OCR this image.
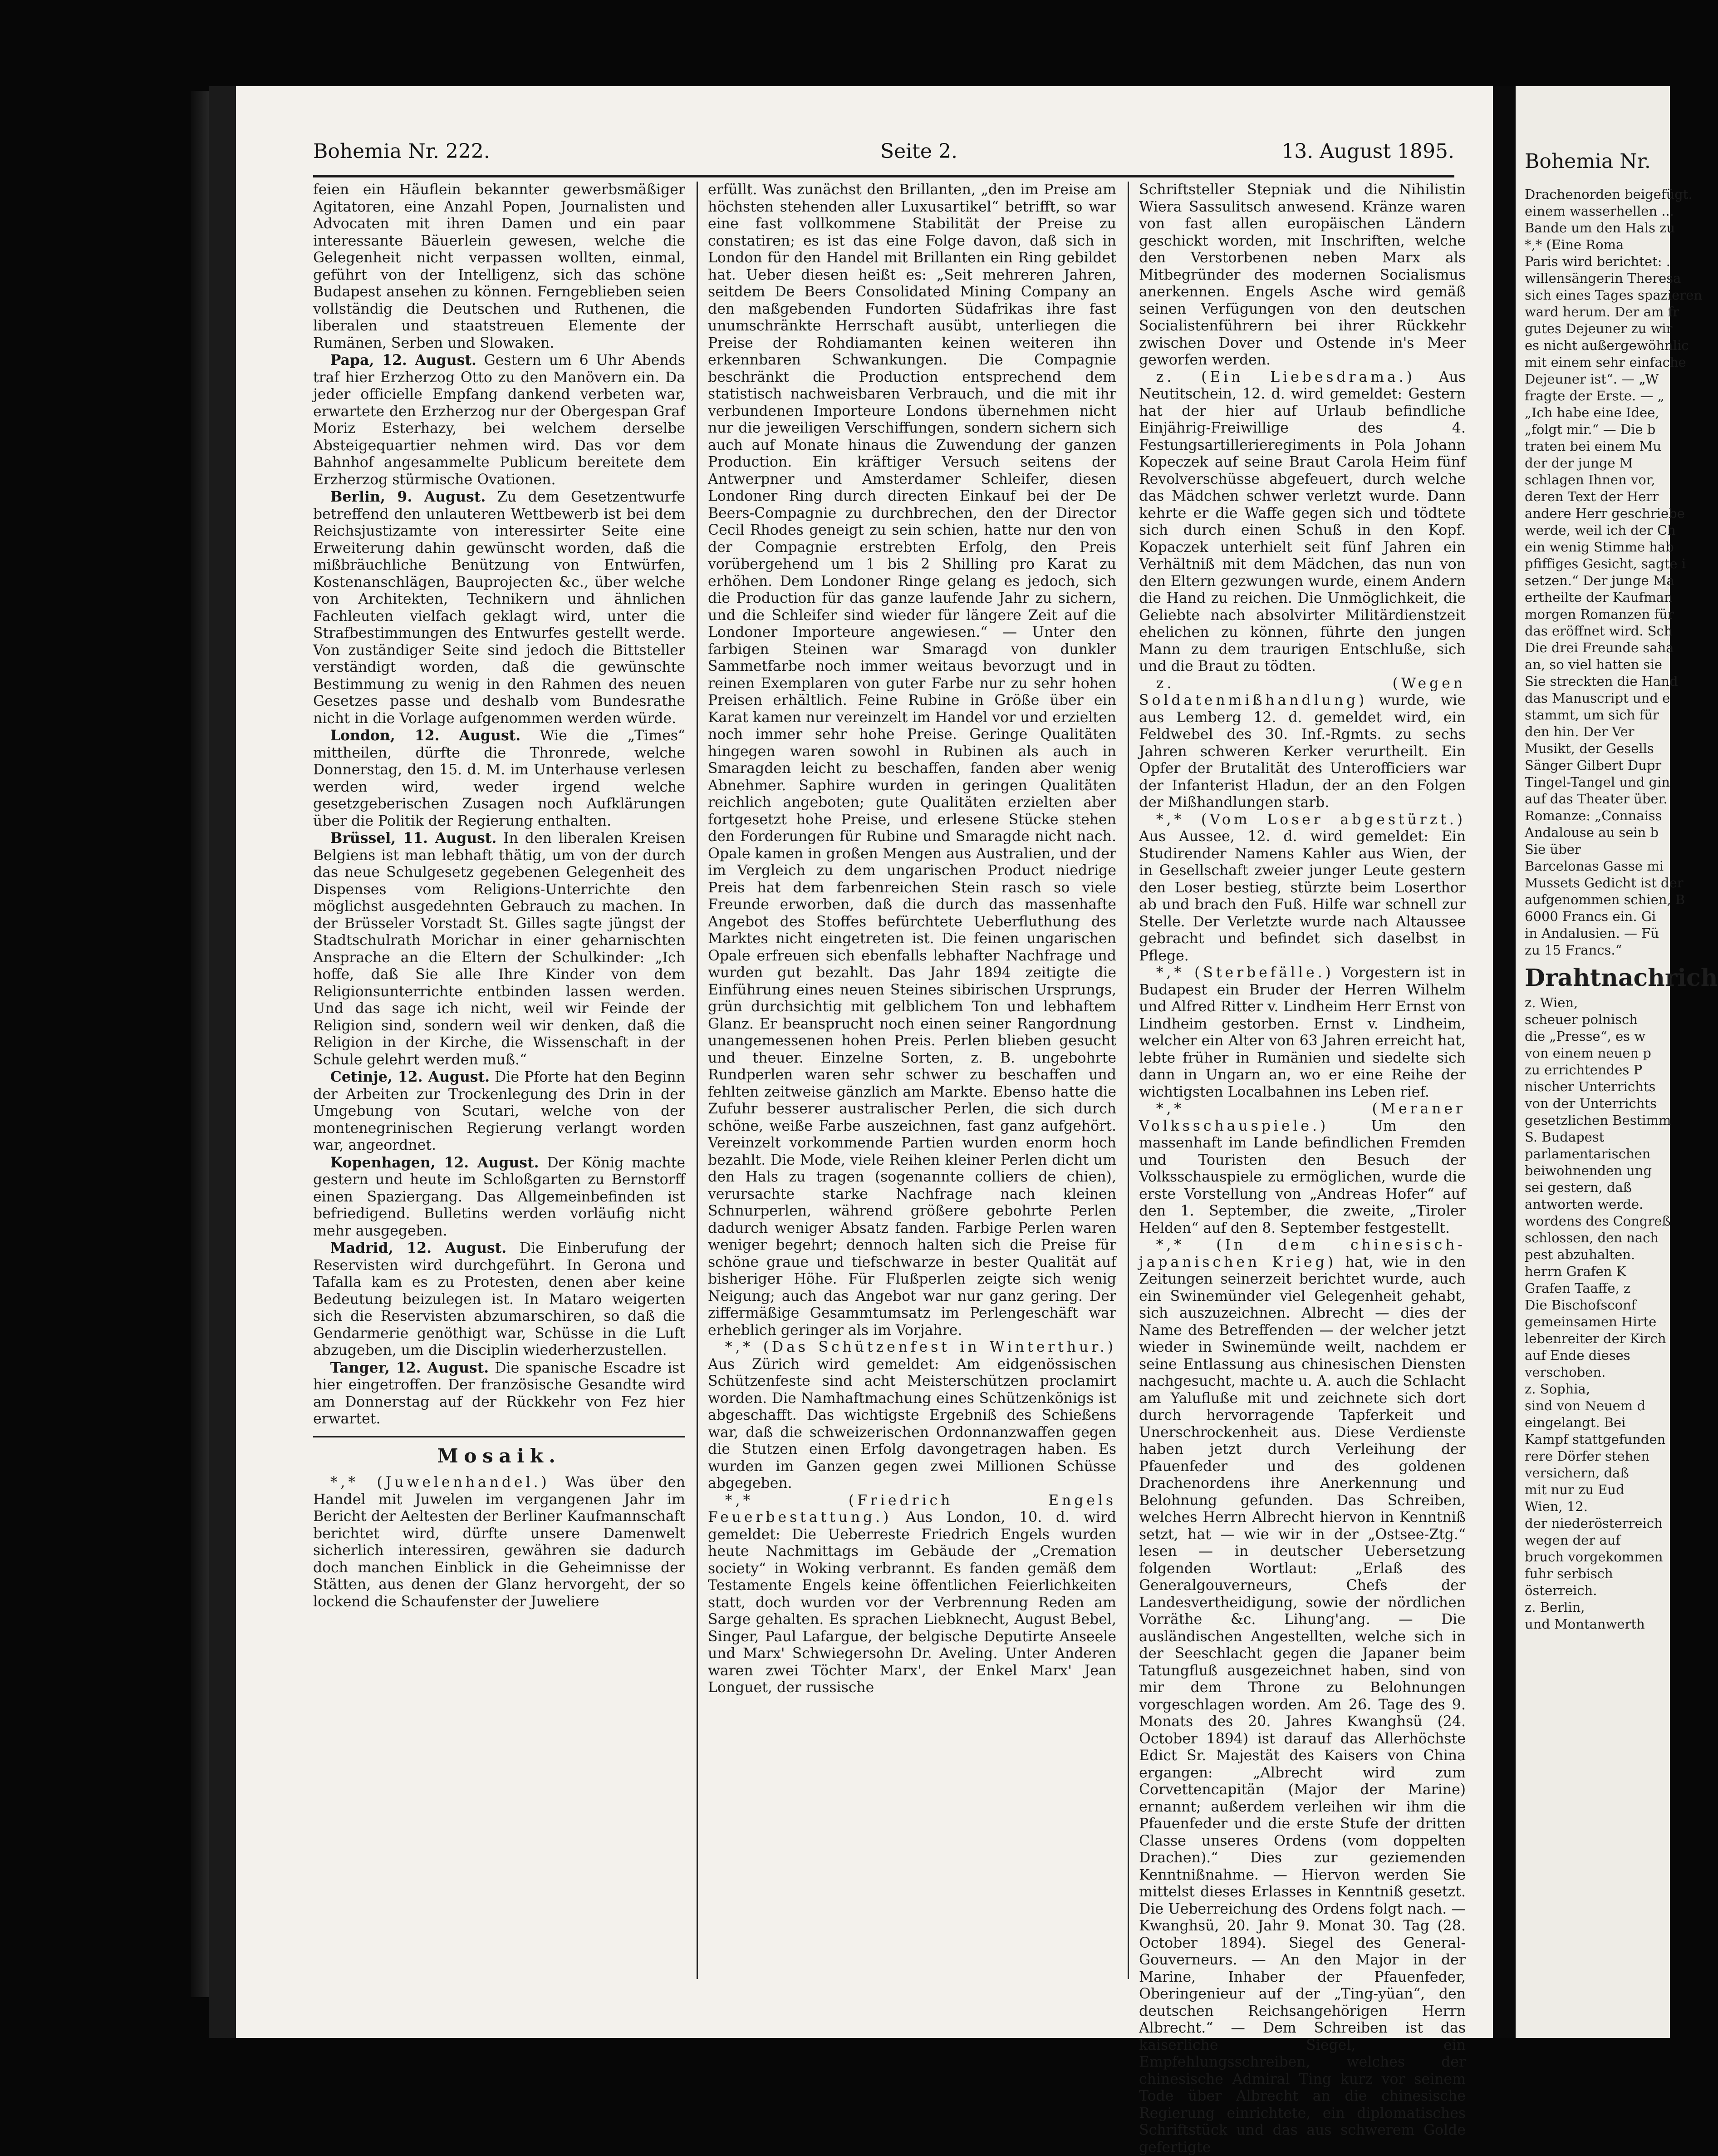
Bohemia Nr. 222.	Seite 2.	13. August 1895.

feien ein Häuflein bekannter gewerbsmäßiger Agitatoren, eine Anzahl Popen, Journalisten und Advocaten mit ihren Damen und ein paar interessante Bäuerlein gewesen, welche die Gelegenheit nicht verpassen wollten, einmal, geführt von der Intelligenz, sich das schöne Budapest ansehen zu können. Ferngeblieben seien vollständig die Deutschen und Ruthenen, die liberalen und staatstreuen Elemente der Rumänen, Serben und Slowaken.

Papa, 12. August. Gestern um 6 Uhr Abends traf hier Erzherzog Otto zu den Manövern ein. Da jeder officielle Empfang dankend verbeten war, erwartete den Erzherzog nur der Obergespan Graf Moriz Esterhazy, bei welchem derselbe Absteigequartier nehmen wird. Das vor dem Bahnhof angesammelte Publicum bereitete dem Erzherzog stürmische Ovationen.

Berlin, 9. August. Zu dem Gesetzentwurfe betreffend den unlauteren Wettbewerb ist bei dem Reichsjustizamte von interessirter Seite eine Erweiterung dahin gewünscht worden, daß die mißbräuchliche Benützung von Entwürfen, Kostenanschlägen, Bauprojecten &c., über welche von Architekten, Technikern und ähnlichen Fachleuten vielfach geklagt wird, unter die Strafbestimmungen des Entwurfes gestellt werde. Von zuständiger Seite sind jedoch die Bittsteller verständigt worden, daß die gewünschte Bestimmung zu wenig in den Rahmen des neuen Gesetzes passe und deshalb vom Bundesrathe nicht in die Vorlage aufgenommen werden würde.

London, 12. August. Wie die „Times“ mittheilen, dürfte die Thronrede, welche Donnerstag, den 15. d. M. im Unterhause verlesen werden wird, weder irgend welche gesetzgeberischen Zusagen noch Aufklärungen über die Politik der Regierung enthalten.

Brüssel, 11. August. In den liberalen Kreisen Belgiens ist man lebhaft thätig, um von der durch das neue Schulgesetz gegebenen Gelegenheit des Dispenses vom Religions-Unterrichte den möglichst ausgedehnten Gebrauch zu machen. In der Brüsseler Vorstadt St. Gilles sagte jüngst der Stadtschulrath Morichar in einer geharnischten Ansprache an die Eltern der Schulkinder: „Ich hoffe, daß Sie alle Ihre Kinder von dem Religionsunterrichte entbinden lassen werden. Und das sage ich nicht, weil wir Feinde der Religion sind, sondern weil wir denken, daß die Religion in der Kirche, die Wissenschaft in der Schule gelehrt werden muß.“

Cetinje, 12. August. Die Pforte hat den Beginn der Arbeiten zur Trockenlegung des Drin in der Umgebung von Scutari, welche von der montenegrinischen Regierung verlangt worden war, angeordnet.

Kopenhagen, 12. August. Der König machte gestern und heute im Schloßgarten zu Bernstorff einen Spaziergang. Das Allgemeinbefinden ist befriedigend. Bulletins werden vorläufig nicht mehr ausgegeben.

Madrid, 12. August. Die Einberufung der Reservisten wird durchgeführt. In Gerona und Tafalla kam es zu Protesten, denen aber keine Bedeutung beizulegen ist. In Mataro weigerten sich die Reservisten abzumarschiren, so daß die Gendarmerie genöthigt war, Schüsse in die Luft abzugeben, um die Disciplin wiederherzustellen.

Tanger, 12. August. Die spanische Escadre ist hier eingetroffen. Der französische Gesandte wird am Donnerstag auf der Rückkehr von Fez hier erwartet.

Mosaik.

*,* (Juwelenhandel.) Was über den Handel mit Juwelen im vergangenen Jahr im Bericht der Aeltesten der Berliner Kaufmannschaft berichtet wird, dürfte unsere Damenwelt sicherlich interessiren, gewähren sie dadurch doch manchen Einblick in die Geheimnisse der Stätten, aus denen der Glanz hervorgeht, der so lockend die Schaufenster der Juweliere

erfüllt. Was zunächst den Brillanten, „den im Preise am höchsten stehenden aller Luxusartikel“ betrifft, so war eine fast vollkommene Stabilität der Preise zu constatiren; es ist das eine Folge davon, daß sich in London für den Handel mit Brillanten ein Ring gebildet hat. Ueber diesen heißt es: „Seit mehreren Jahren, seitdem De Beers Consolidated Mining Company an den maßgebenden Fundorten Südafrikas ihre fast unumschränkte Herrschaft ausübt, unterliegen die Preise der Rohdiamanten keinen weiteren ihn erkennbaren Schwankungen. Die Compagnie beschränkt die Production entsprechend dem statistisch nachweisbaren Verbrauch, und die mit ihr verbundenen Importeure Londons übernehmen nicht nur die jeweiligen Verschiffungen, sondern sichern sich auch auf Monate hinaus die Zuwendung der ganzen Production. Ein kräftiger Versuch seitens der Antwerpner und Amsterdamer Schleifer, diesen Londoner Ring durch directen Einkauf bei der De Beers-Compagnie zu durchbrechen, den der Director Cecil Rhodes geneigt zu sein schien, hatte nur den von der Compagnie erstrebten Erfolg, den Preis vorübergehend um 1 bis 2 Shilling pro Karat zu erhöhen. Dem Londoner Ringe gelang es jedoch, sich die Production für das ganze laufende Jahr zu sichern, und die Schleifer sind wieder für längere Zeit auf die Londoner Importeure angewiesen.“ — Unter den farbigen Steinen war Smaragd von dunkler Sammetfarbe noch immer weitaus bevorzugt und in reinen Exemplaren von guter Farbe nur zu sehr hohen Preisen erhältlich. Feine Rubine in Größe über ein Karat kamen nur vereinzelt im Handel vor und erzielten noch immer sehr hohe Preise. Geringe Qualitäten hingegen waren sowohl in Rubinen als auch in Smaragden leicht zu beschaffen, fanden aber wenig Abnehmer. Saphire wurden in geringen Qualitäten reichlich angeboten; gute Qualitäten erzielten aber fortgesetzt hohe Preise, und erlesene Stücke stehen den Forderungen für Rubine und Smaragde nicht nach. Opale kamen in großen Mengen aus Australien, und der im Vergleich zu dem ungarischen Product niedrige Preis hat dem farbenreichen Stein rasch so viele Freunde erworben, daß die durch das massenhafte Angebot des Stoffes befürchtete Ueberfluthung des Marktes nicht eingetreten ist. Die feinen ungarischen Opale erfreuen sich ebenfalls lebhafter Nachfrage und wurden gut bezahlt. Das Jahr 1894 zeitigte die Einführung eines neuen Steines sibirischen Ursprungs, grün durchsichtig mit gelblichem Ton und lebhaftem Glanz. Er beansprucht noch einen seiner Rangordnung unangemessenen hohen Preis. Perlen blieben gesucht und theuer. Einzelne Sorten, z. B. ungebohrte Rundperlen waren sehr schwer zu beschaffen und fehlten zeitweise gänzlich am Markte. Ebenso hatte die Zufuhr besserer australischer Perlen, die sich durch schöne, weiße Farbe auszeichnen, fast ganz aufgehört. Vereinzelt vorkommende Partien wurden enorm hoch bezahlt. Die Mode, viele Reihen kleiner Perlen dicht um den Hals zu tragen (sogenannte colliers de chien), verursachte starke Nachfrage nach kleinen Schnurperlen, während größere gebohrte Perlen dadurch weniger Absatz fanden. Farbige Perlen waren weniger begehrt; dennoch halten sich die Preise für schöne graue und tiefschwarze in bester Qualität auf bisheriger Höhe. Für Flußperlen zeigte sich wenig Neigung; auch das Angebot war nur ganz gering. Der ziffermäßige Gesammtumsatz im Perlengeschäft war erheblich geringer als im Vorjahre.

*,* (Das Schützenfest in Winterthur.) Aus Zürich wird gemeldet: Am eidgenössischen Schützenfeste sind acht Meisterschützen proclamirt worden. Die Namhaftmachung eines Schützenkönigs ist abgeschafft. Das wichtigste Ergebniß des Schießens war, daß die schweizerischen Ordonnanzwaffen gegen die Stutzen einen Erfolg davongetragen haben. Es wurden im Ganzen gegen zwei Millionen Schüsse abgegeben.

*,* (Friedrich Engels Feuerbestattung.) Aus London, 10. d. wird gemeldet: Die Ueberreste Friedrich Engels wurden heute Nachmittags im Gebäude der „Cremation society“ in Woking verbrannt. Es fanden gemäß dem Testamente Engels keine öffentlichen Feierlichkeiten statt, doch wurden vor der Verbrennung Reden am Sarge gehalten. Es sprachen Liebknecht, August Bebel, Singer, Paul Lafargue, der belgische Deputirte Anseele und Marx' Schwiegersohn Dr. Aveling. Unter Anderen waren zwei Töchter Marx', der Enkel Marx' Jean Longuet, der russische

Schriftsteller Stepniak und die Nihilistin Wiera Sassulitsch anwesend. Kränze waren von fast allen europäischen Ländern geschickt worden, mit Inschriften, welche den Verstorbenen neben Marx als Mitbegründer des modernen Socialismus anerkennen. Engels Asche wird gemäß seinen Verfügungen von den deutschen Socialistenführern bei ihrer Rückkehr zwischen Dover und Ostende in's Meer geworfen werden.

z. (Ein Liebesdrama.) Aus Neutitschein, 12. d. wird gemeldet: Gestern hat der hier auf Urlaub befindliche Einjährig-Freiwillige des 4. Festungsartillerieregiments in Pola Johann Kopeczek auf seine Braut Carola Heim fünf Revolverschüsse abgefeuert, durch welche das Mädchen schwer verletzt wurde. Dann kehrte er die Waffe gegen sich und tödtete sich durch einen Schuß in den Kopf. Kopaczek unterhielt seit fünf Jahren ein Verhältniß mit dem Mädchen, das nun von den Eltern gezwungen wurde, einem Andern die Hand zu reichen. Die Unmöglichkeit, die Geliebte nach absolvirter Militärdienstzeit ehelichen zu können, führte den jungen Mann zu dem traurigen Entschluße, sich und die Braut zu tödten.

z. (Wegen Soldatenmißhandlung) wurde, wie aus Lemberg 12. d. gemeldet wird, ein Feldwebel des 30. Inf.-Rgmts. zu sechs Jahren schweren Kerker verurtheilt. Ein Opfer der Brutalität des Unterofficiers war der Infanterist Hladun, der an den Folgen der Mißhandlungen starb.

*,* (Vom Loser abgestürzt.) Aus Aussee, 12. d. wird gemeldet: Ein Studirender Namens Kahler aus Wien, der in Gesellschaft zweier junger Leute gestern den Loser bestieg, stürzte beim Loserthor ab und brach den Fuß. Hilfe war schnell zur Stelle. Der Verletzte wurde nach Altaussee gebracht und befindet sich daselbst in Pflege.

*,* (Sterbefälle.) Vorgestern ist in Budapest ein Bruder der Herren Wilhelm und Alfred Ritter v. Lindheim Herr Ernst von Lindheim gestorben. Ernst v. Lindheim, welcher ein Alter von 63 Jahren erreicht hat, lebte früher in Rumänien und siedelte sich dann in Ungarn an, wo er eine Reihe der wichtigsten Localbahnen ins Leben rief.

*,* (Meraner Volksschauspiele.)	Um den massenhaft im Lande befindlichen Fremden und Touristen den Besuch der Volksschauspiele zu ermöglichen, wurde die erste Vorstellung von „Andreas Hofer“ auf den 1. September, die zweite, „Tiroler Helden“ auf den 8. September festgestellt.

*,* (In dem chinesisch-japanischen Krieg) hat, wie in den Zeitungen seinerzeit berichtet wurde, auch ein Swinemünder viel Gelegenheit gehabt, sich auszuzeichnen. Albrecht — dies der Name des Betreffenden — der welcher jetzt wieder in Swinemünde weilt, nachdem er seine Entlassung aus chinesischen Diensten nachgesucht, machte u. A. auch die Schlacht am Yalufluße mit und zeichnete sich dort durch hervorragende Tapferkeit und Unerschrockenheit aus. Diese Verdienste haben jetzt durch Verleihung der Pfauenfeder und des goldenen Drachenordens ihre Anerkennung und Belohnung gefunden. Das Schreiben, welches Herrn Albrecht hiervon in Kenntniß setzt, hat — wie wir in der „Ostsee-Ztg.“ lesen — in deutscher Uebersetzung folgenden Wortlaut: „Erlaß des Generalgouverneurs, Chefs der Landesvertheidigung, sowie der nördlichen Vorräthe &c. Lihung'ang. — Die ausländischen Angestellten, welche sich in der Seeschlacht gegen die Japaner beim Tatungfluß ausgezeichnet haben, sind von mir dem Throne zu Belohnungen vorgeschlagen worden. Am 26. Tage des 9. Monats des 20. Jahres Kwanghsü (24. October 1894) ist darauf das Allerhöchste Edict Sr. Majestät des Kaisers von China ergangen: „Albrecht wird zum Corvettencapitän (Major der Marine) ernannt; außerdem verleihen wir ihm die Pfauenfeder und die erste Stufe der dritten Classe unseres Ordens (vom doppelten Drachen).“ Dies zur geziemenden Kenntnißnahme. — Hiervon werden Sie mittelst dieses Erlasses in Kenntniß gesetzt. Die Ueberreichung des Ordens folgt nach. — Kwanghsü, 20. Jahr 9. Monat 30. Tag (28. October 1894). Siegel des General-Gouverneurs. — An den Major in der Marine, Inhaber der Pfauenfeder, Oberingenieur auf der „Ting-yüan“, den deutschen Reichsangehörigen Herrn Albrecht.“ — Dem Schreiben ist das kaiserliche Siegel, ein Empfehlungsschreiben, welches der chinesische Admiral Ting kurz vor seinem Tode über Albrecht an die chinesische Regierung einrichtete, ein diplomatisches Schriftstück und das aus schwerem Golde gefertigte

Bohemia Nr.
Drachenorden beigefügt.
einem wasserhellen ...
Bande um den Hals zu
*,* (Eine Roma
Paris wird berichtet: .
willensängerin Theresa
sich eines Tages spazieren
ward herum. Der am fr
gutes Dejeuner zu wir
es nicht außergewöhnlic
mit einem sehr einfache
Dejeuner ist“. — „W
fragte der Erste. — „
„Ich habe eine Idee,
„folgt mir.“ — Die b
traten bei einem Mu
der der junge M
schlagen Ihnen vor,
deren Text der Herr
andere Herr geschriebe
werde, weil ich der Ch
ein wenig Stimme hab
pfiffiges Gesicht, sagte i
setzen.“ Der junge Ma
ertheilte der Kaufman
morgen Romanzen für
das eröffnet wird. Sch
Die drei Freunde saha
an, so viel hatten sie
Sie streckten die Hand
das Manuscript und e
stammt, um sich für
den hin. Der Ver
Musikt, der Gesells
Sänger Gilbert Dupr
Tingel-Tangel und gin
auf das Theater über.
Romanze: „Connaiss
Andalouse au sein b
Sie über
Barcelonas Gasse mi
Mussets Gedicht ist der
aufgenommen schien, B
6000 Francs ein. Gi
in Andalusien. — Fü
zu 15 Francs.“
Drahtnachrich
z. Wien,
scheuer polnisch
die „Presse“, es w
von einem neuen p
zu errichtendes P
nischer Unterrichts
von der Unterrichts
gesetzlichen Bestimm
S. Budapest
parlamentarischen
beiwohnenden ung
sei gestern, daß
antworten werde.
wordens des Congreß
schlossen, den nach
pest abzuhalten.
herrn Grafen K
Grafen Taaffe, z
Die Bischofsconf
gemeinsamen Hirte
lebenreiter der Kirch
auf Ende dieses
verschoben.
z. Sophia,
sind von Neuem d
eingelangt. Bei
Kampf stattgefunden
rere Dörfer stehen
versichern, daß
mit nur zu Eud
Wien, 12.
der niederösterreich
wegen der auf
bruch vorgekommen
fuhr serbisch
österreich.
z. Berlin,
und Montanwerth
